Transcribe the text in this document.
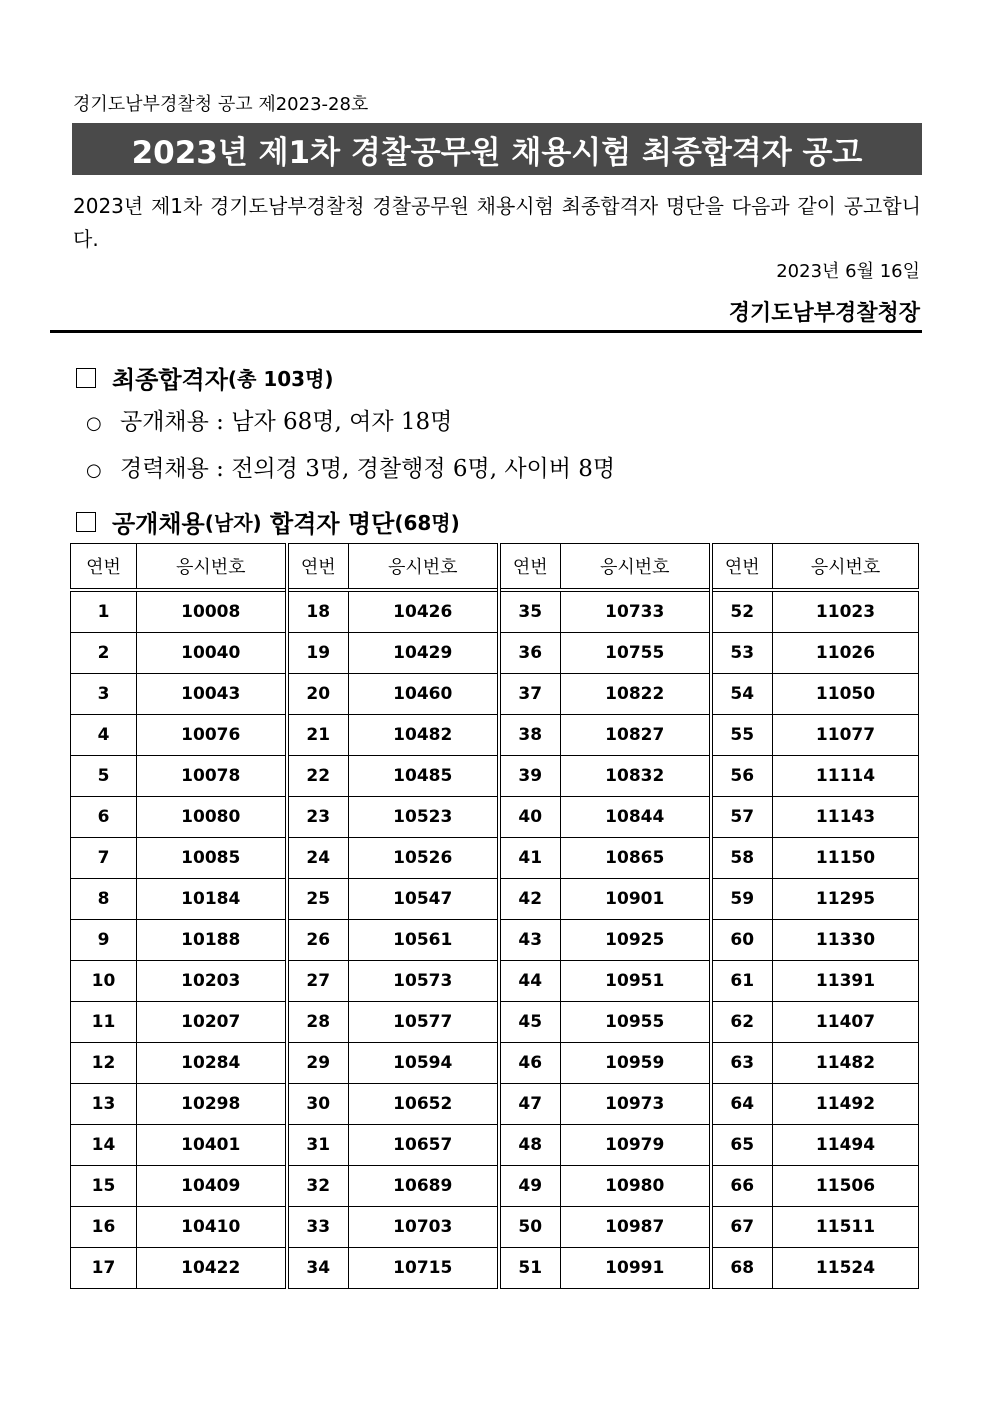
경기도남부경찰청 공고 제2023-28호
2023년 제1차 경찰공무원 채용시험 최종합격자 공고
2023년 제1차 경기도남부경찰청 경찰공무원 채용시험 최종합격자 명단을 다음과 같이 공고합니다.
2023년 6월 16일
경기도남부경찰청장
최종합격자 (총 103명)
○ 공개채용 : 남자 68명, 여자 18명
○ 경력채용 : 전의경 3명, 경찰행정 6명, 사이버 8명
공개채용 (남자) 합격자 명단 (68명)
연번	응시번호	연번	응시번호	연번	응시번호	연번	응시번호
1	10008	18	10426	35	10733	52	11023
2	10040	19	10429	36	10755	53	11026
3	10043	20	10460	37	10822	54	11050
4	10076	21	10482	38	10827	55	11077
5	10078	22	10485	39	10832	56	11114
6	10080	23	10523	40	10844	57	11143
7	10085	24	10526	41	10865	58	11150
8	10184	25	10547	42	10901	59	11295
9	10188	26	10561	43	10925	60	11330
10	10203	27	10573	44	10951	61	11391
11	10207	28	10577	45	10955	62	11407
12	10284	29	10594	46	10959	63	11482
13	10298	30	10652	47	10973	64	11492
14	10401	31	10657	48	10979	65	11494
15	10409	32	10689	49	10980	66	11506
16	10410	33	10703	50	10987	67	11511
17	10422	34	10715	51	10991	68	11524
